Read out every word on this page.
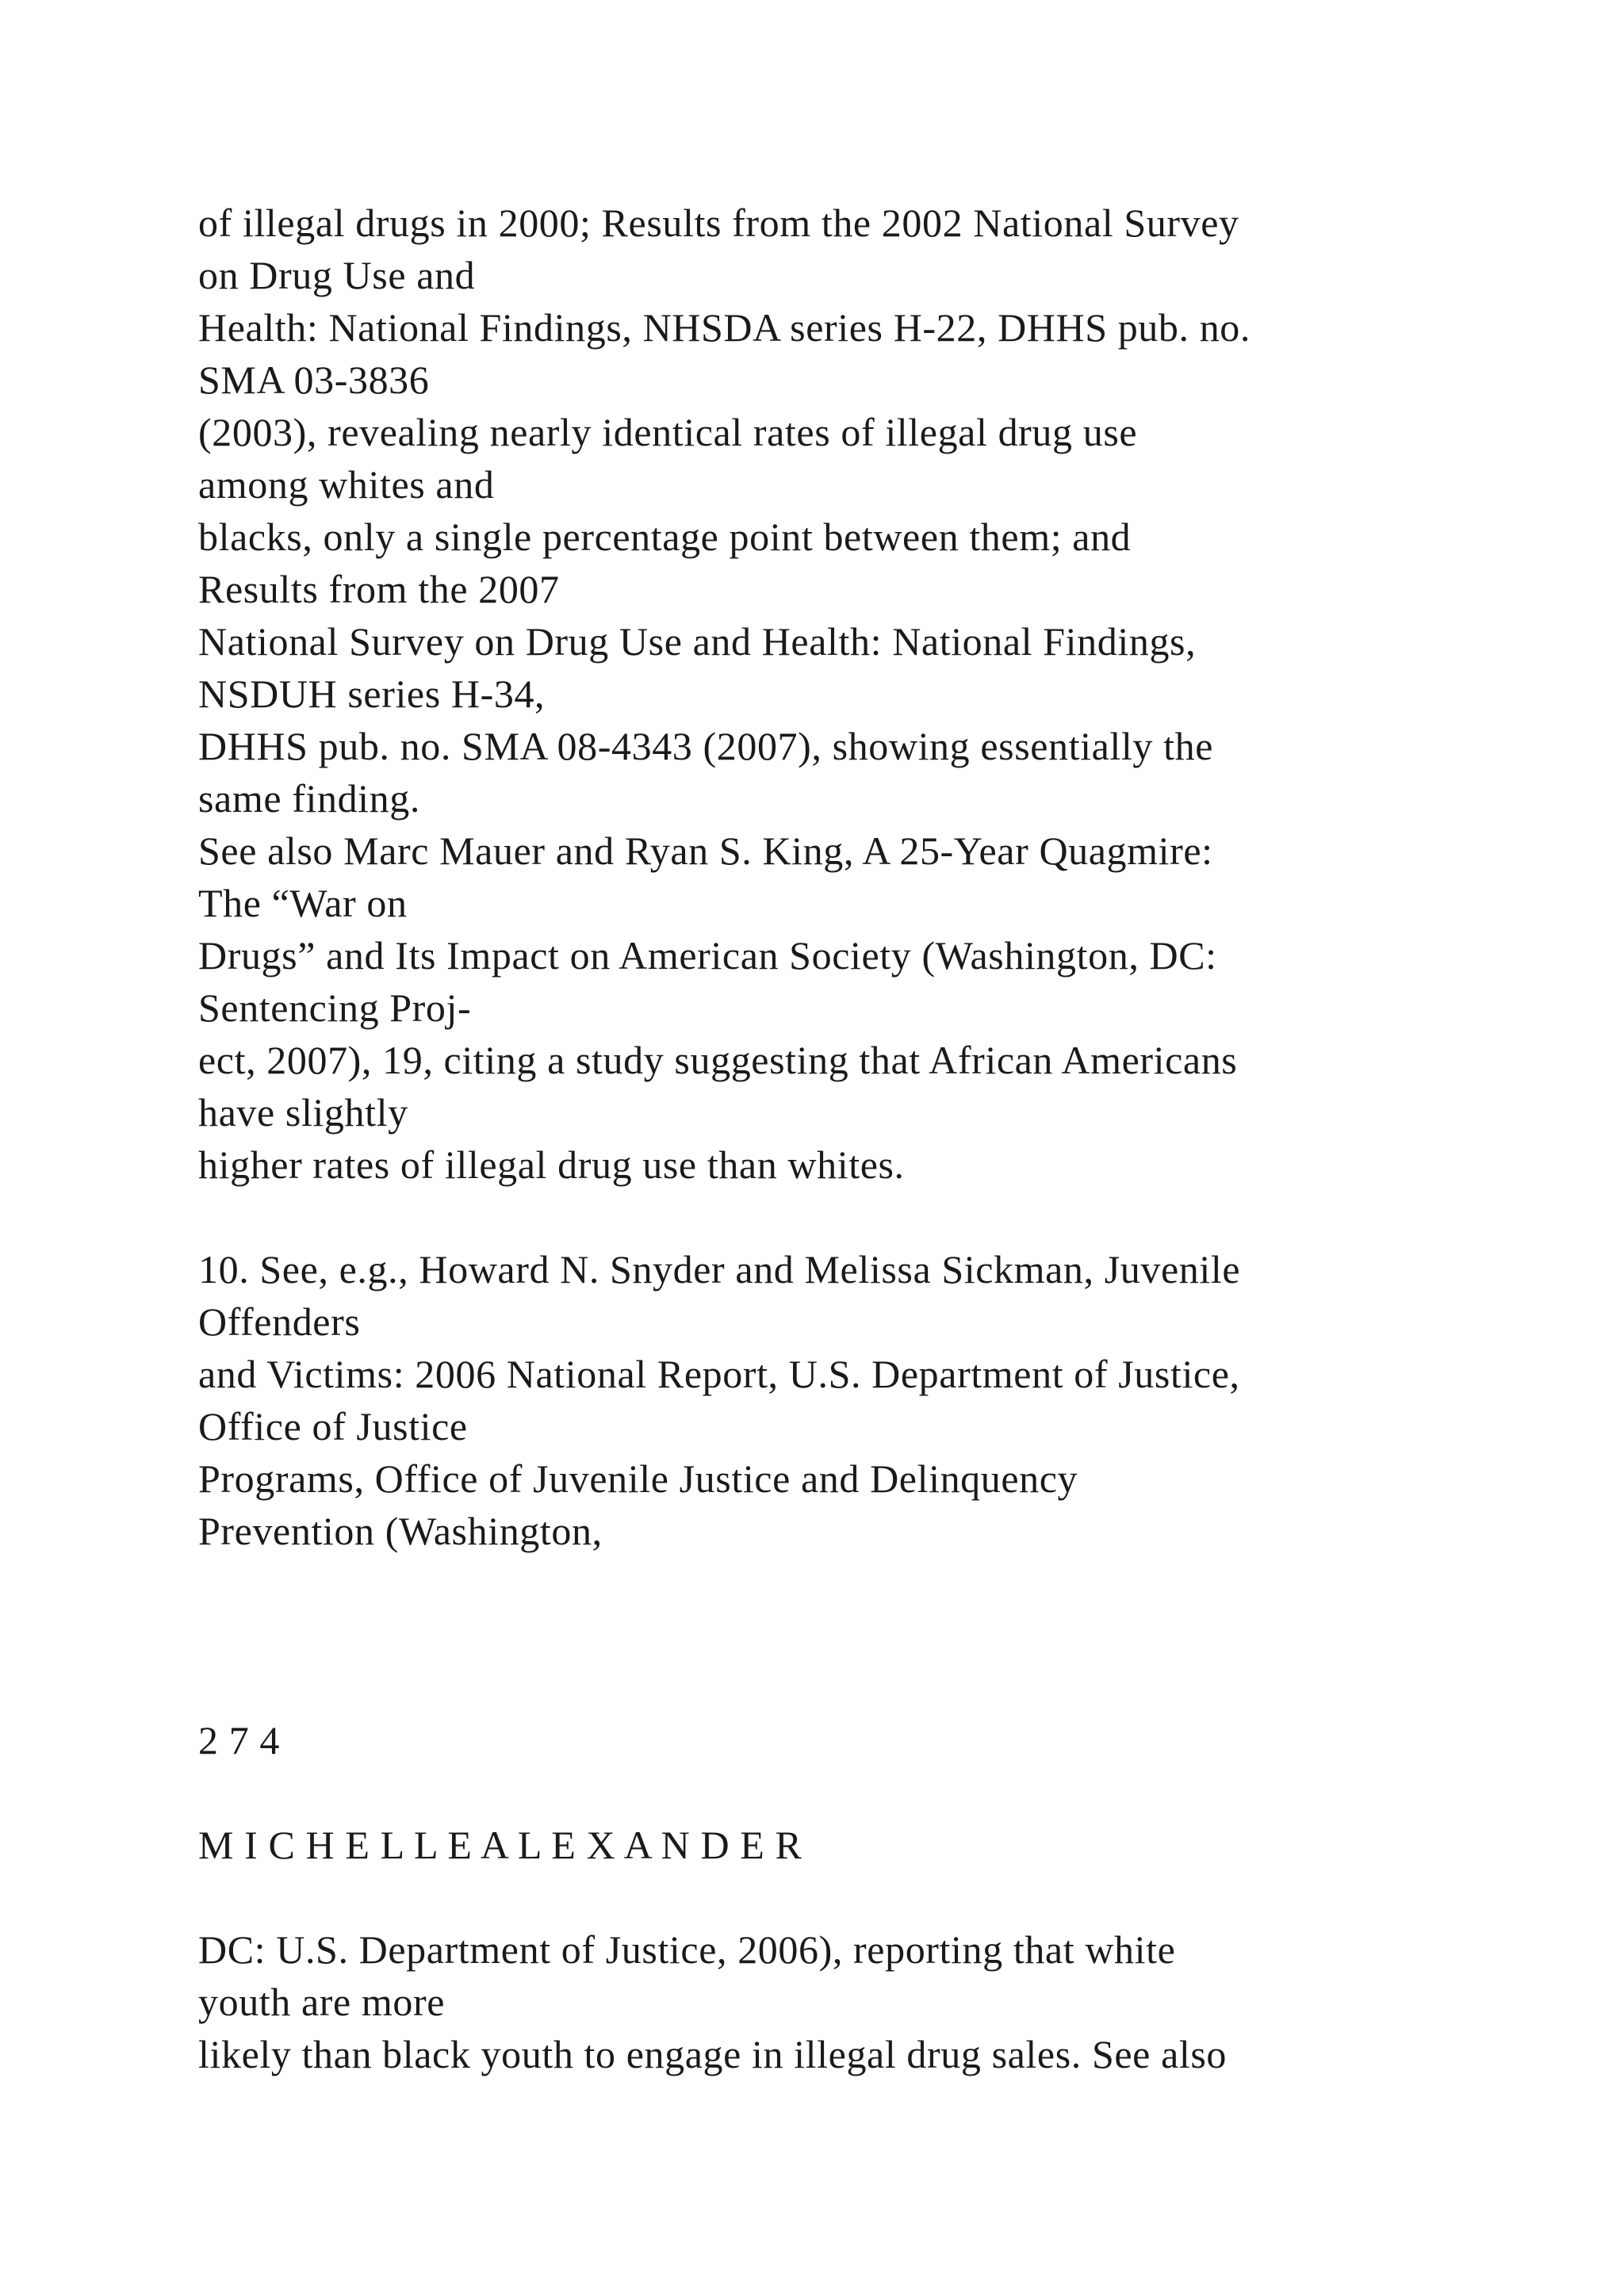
of illegal drugs in 2000; Results from the 2002 National Survey
on Drug Use and
Health: National Findings, NHSDA series H-22, DHHS pub. no.
SMA 03-3836
(2003), revealing nearly identical rates of illegal drug use
among whites and
blacks, only a single percentage point between them; and
Results from the 2007
National Survey on Drug Use and Health: National Findings,
NSDUH series H-34,
DHHS pub. no. SMA 08-4343 (2007), showing essentially the
same finding.
See also Marc Mauer and Ryan S. King, A 25-Year Quagmire:
The “War on
Drugs” and Its Impact on American Society (Washington, DC:
Sentencing Proj-
ect, 2007), 19, citing a study suggesting that African Americans
have slightly
higher rates of illegal drug use than whites.
10. See, e.g., Howard N. Snyder and Melissa Sickman, Juvenile
Offenders
and Victims: 2006 National Report, U.S. Department of Justice,
Office of Justice
Programs, Office of Juvenile Justice and Delinquency
Prevention (Washington,
2 7 4
M I C H E L L E A L E X A N D E R
DC: U.S. Department of Justice, 2006), reporting that white
youth are more
likely than black youth to engage in illegal drug sales. See also
